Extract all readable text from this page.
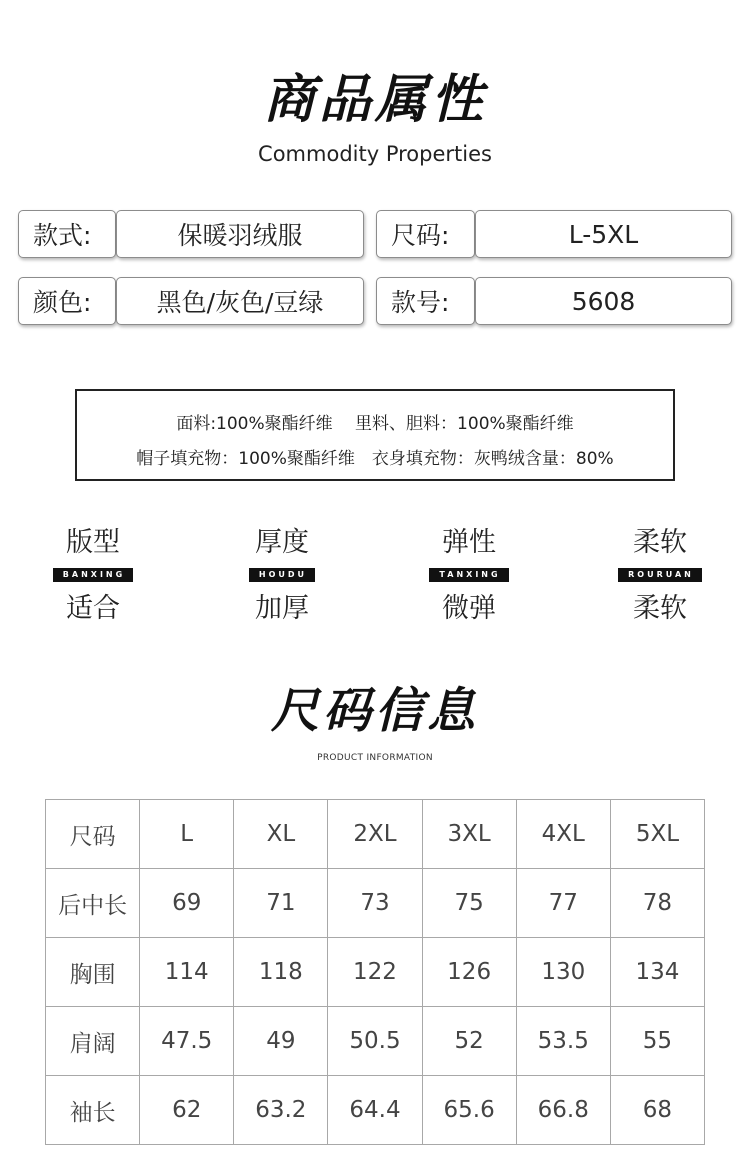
商品属性
Commodity Properties
款式:	保暖羽绒服	尺码:	L-5XL
颜色:	黑色/灰色/豆绿	款号:	5608
面料:100%聚酯纤维　 里料、胆料：100%聚酯纤维
帽子填充物：100%聚酯纤维　衣身填充物：灰鸭绒含量：80%
版型
BANXING
适合
厚度
HOUDU
加厚
弹性
TANXING
微弹
柔软
ROURUAN
柔软
尺码信息
PRODUCT INFORMATION
尺码	L	XL	2XL	3XL	4XL	5XL
后中长	69	71	73	75	77	78
胸围	114	118	122	126	130	134
肩阔	47.5	49	50.5	52	53.5	55
袖长	62	63.2	64.4	65.6	66.8	68
